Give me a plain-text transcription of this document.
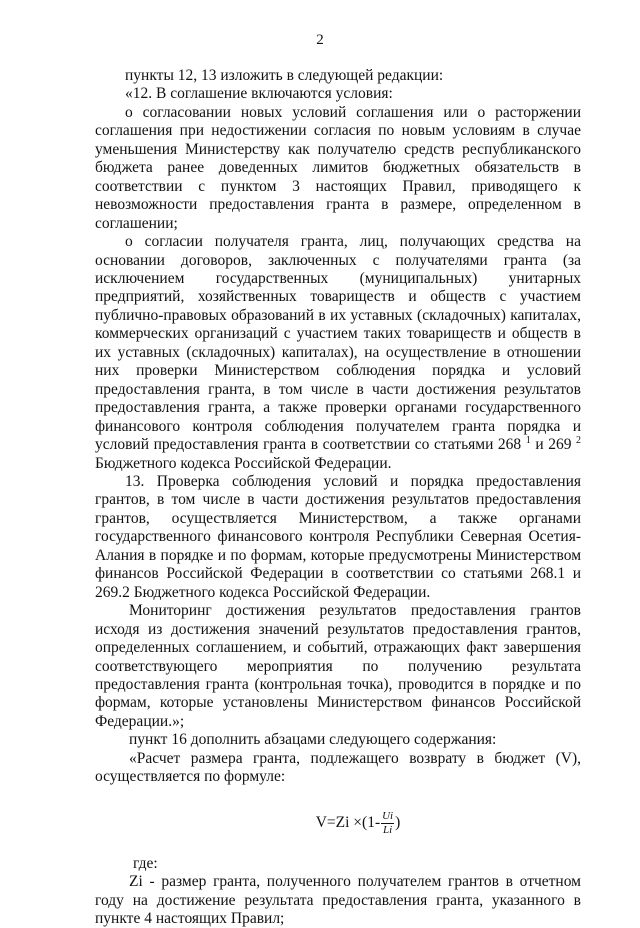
2

пункты 12, 13 изложить в следующей редакции:

«12. В соглашение включаются условия:

о согласовании новых условий соглашения или о расторжении соглашения при недостижении согласия по новым условиям в случае уменьшения Министерству как получателю средств республиканского бюджета ранее доведенных лимитов бюджетных обязательств в соответствии с пунктом 3 настоящих Правил, приводящего к невозможности предоставления гранта в размере, определенном в соглашении;

о согласии получателя гранта, лиц, получающих средства на основании договоров, заключенных с получателями гранта (за исключением государственных (муниципальных) унитарных предприятий, хозяйственных товариществ и обществ с участием публично-правовых образований в их уставных (складочных) капиталах, коммерческих организаций с участием таких товариществ и обществ в их уставных (складочных) капиталах), на осуществление в отношении них проверки Министерством соблюдения порядка и условий предоставления гранта, в том числе в части достижения результатов предоставления гранта, а также проверки органами государственного финансового контроля соблюдения получателем гранта порядка и условий предоставления гранта в соответствии со статьями 268 $^1$ и 269 $^2$ Бюджетного кодекса Российской Федерации.

13. Проверка соблюдения условий и порядка предоставления грантов, в том числе в части достижения результатов предоставления грантов, осуществляется Министерством, а также органами государственного финансового контроля Республики Северная Осетия-Алания в порядке и по формам, которые предусмотрены Министерством финансов Российской Федерации в соответствии со статьями 268.1 и 269.2 Бюджетного кодекса Российской Федерации.

Мониторинг достижения результатов предоставления грантов исходя из достижения значений результатов предоставления грантов, определенных соглашением, и событий, отражающих факт завершения соответствующего мероприятия по получению результата предоставления гранта (контрольная точка), проводится в порядке и по формам, которые установлены Министерством финансов Российской Федерации.»;

пункт 16 дополнить абзацами следующего содержания:

«Расчет размера гранта, подлежащего возврату в бюджет (V), осуществляется по формуле:

$V=Zi \times(1- \frac{Ui}{Li}$ )

где:

Zi - размер гранта, полученного получателем грантов в отчетном году на достижение результата предоставления гранта, указанного в пункте 4 настоящих Правил;
